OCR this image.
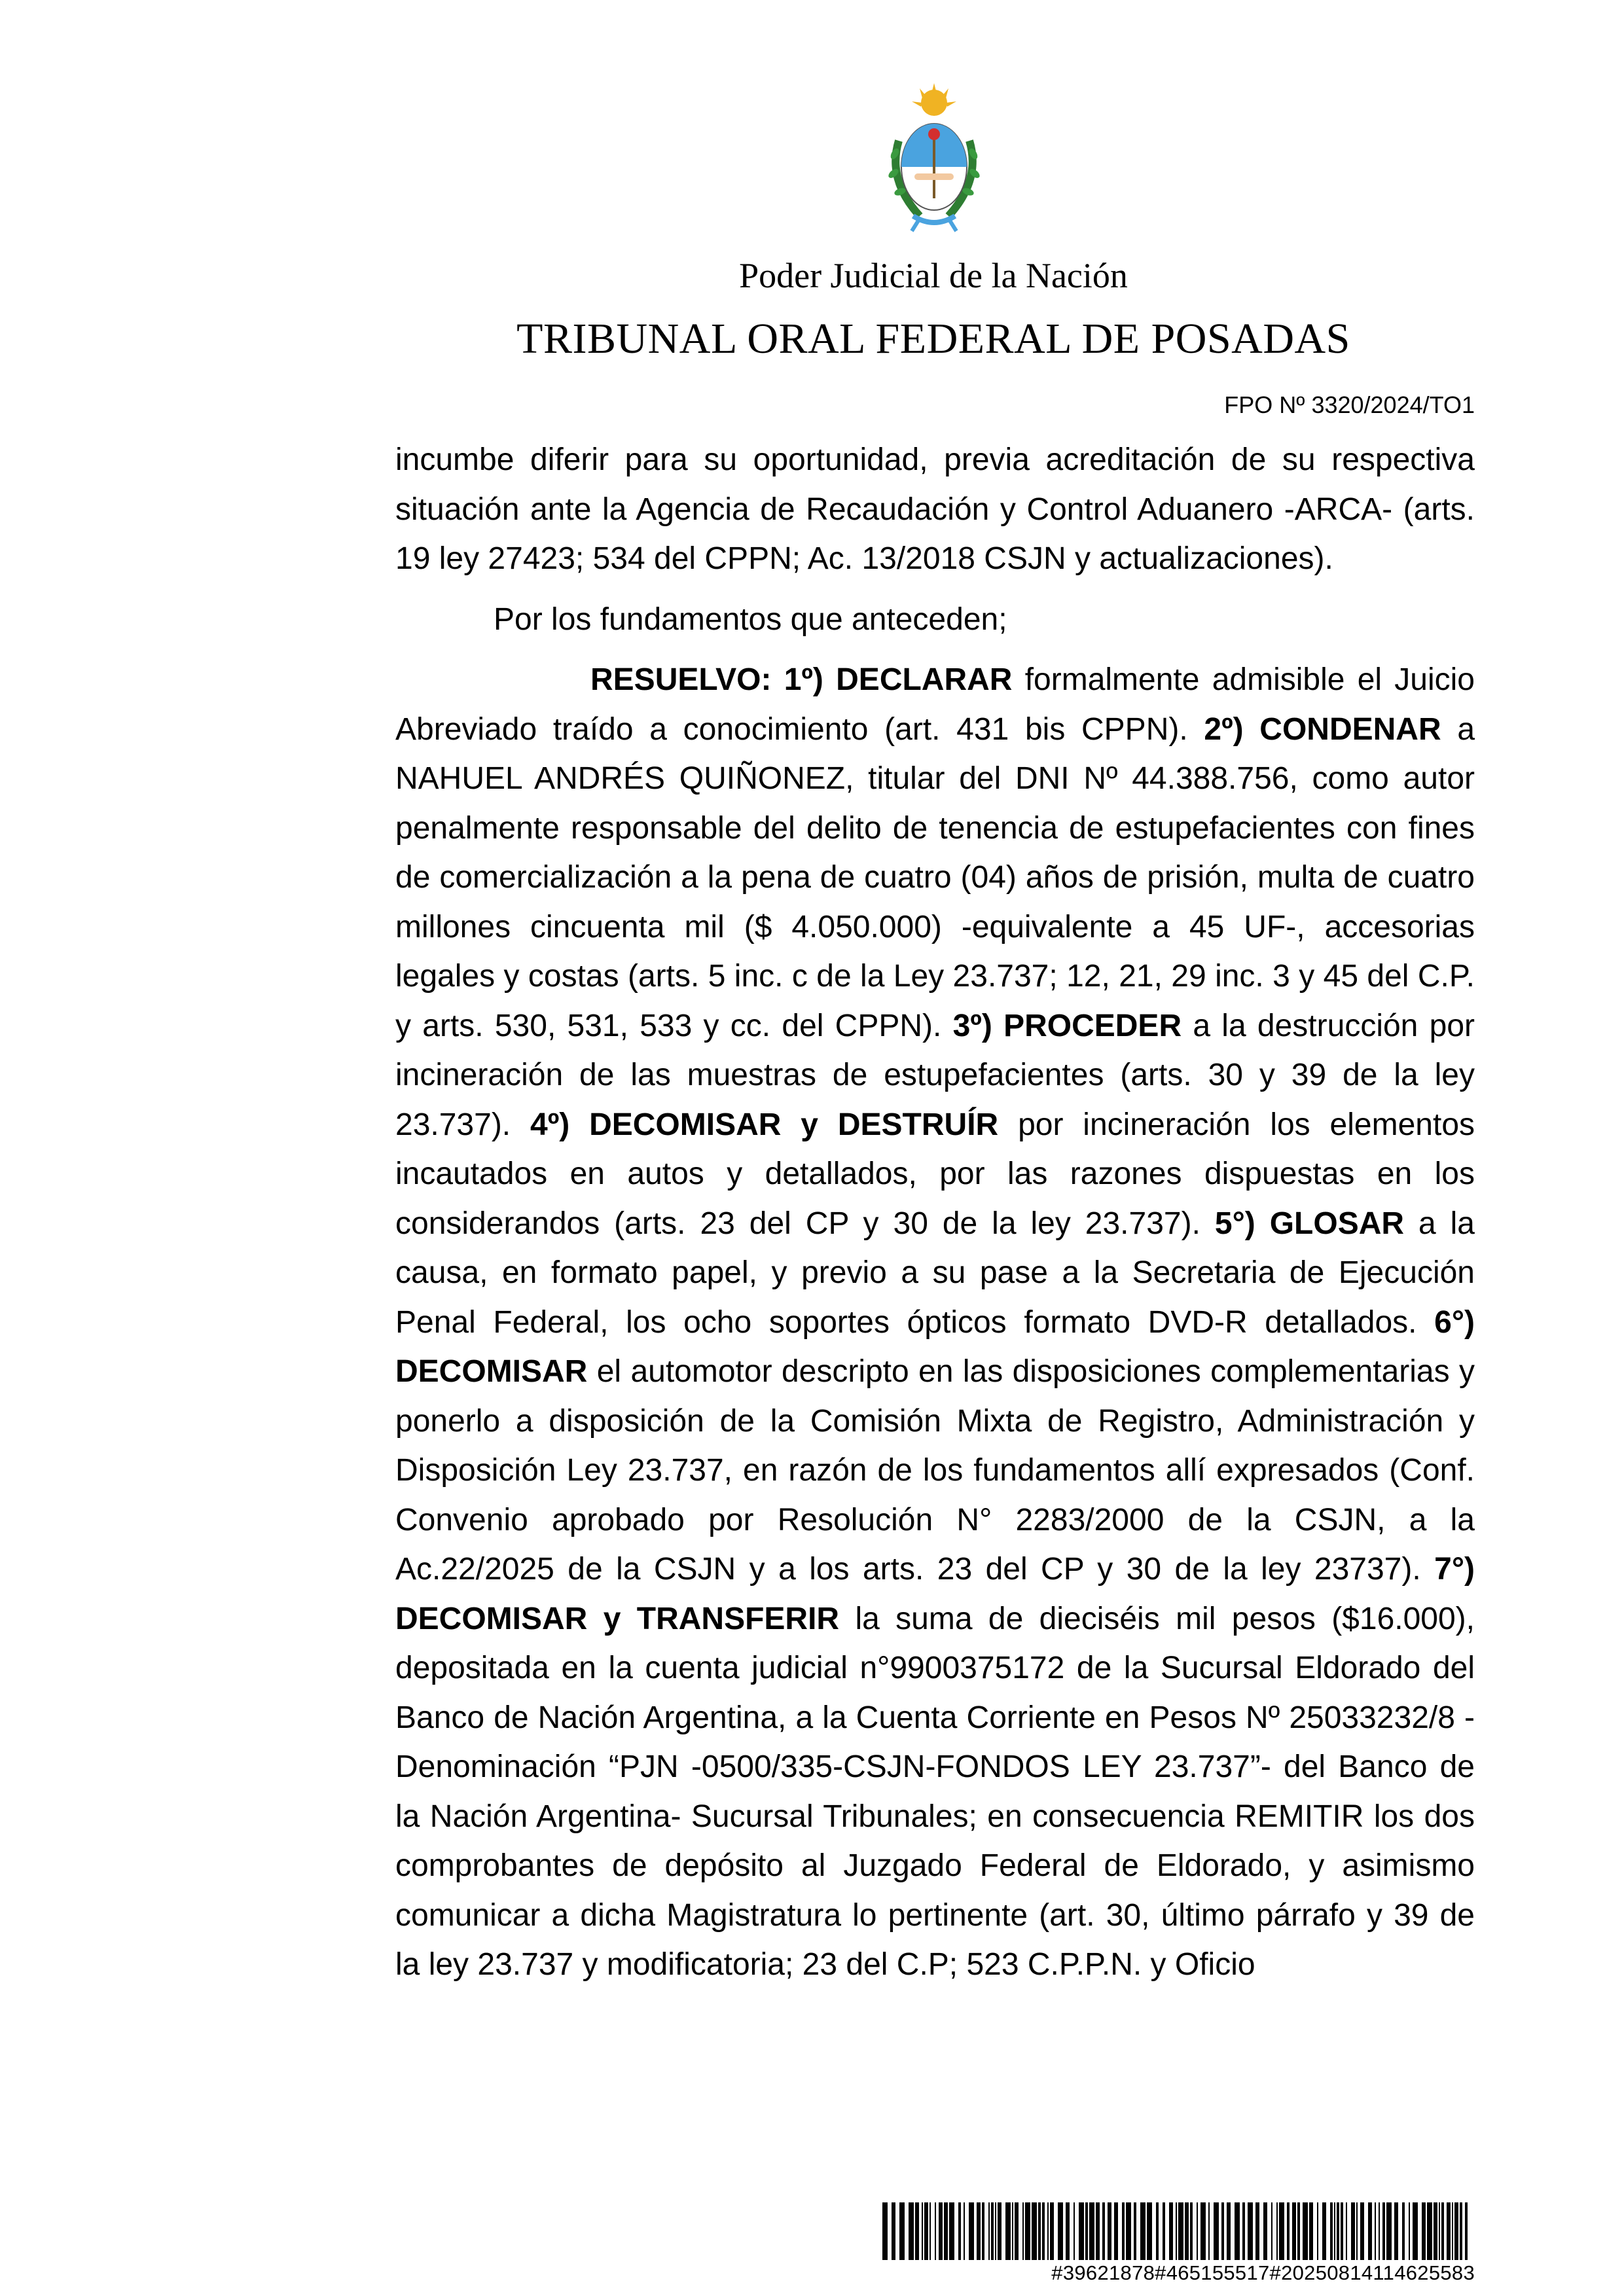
Poder Judicial de la Nación
TRIBUNAL ORAL FEDERAL DE POSADAS
FPO Nº 3320/2024/TO1

incumbe diferir para su oportunidad, previa acreditación de su respectiva situación ante la Agencia de Recaudación y Control Aduanero -ARCA- (arts. 19 ley 27423; 534 del CPPN; Ac. 13/2018 CSJN y actualizaciones).

Por los fundamentos que anteceden;

RESUELVO: 1º) DECLARAR formalmente admisible el Juicio Abreviado traído a conocimiento (art. 431 bis CPPN). 2º) CONDENAR a NAHUEL ANDRÉS QUIÑONEZ, titular del DNI Nº 44.388.756, como autor penalmente responsable del delito de tenencia de estupefacientes con fines de comercialización a la pena de cuatro (04) años de prisión, multa de cuatro millones cincuenta mil ($ 4.050.000) -equivalente a 45 UF-, accesorias legales y costas (arts. 5 inc. c de la Ley 23.737; 12, 21, 29 inc. 3 y 45 del C.P. y arts. 530, 531, 533 y cc. del CPPN). 3º) PROCEDER a la destrucción por incineración de las muestras de estupefacientes (arts. 30 y 39 de la ley 23.737). 4º) DECOMISAR y DESTRUÍR por incineración los elementos incautados en autos y detallados, por las razones dispuestas en los considerandos (arts. 23 del CP y 30 de la ley 23.737). 5°) GLOSAR a la causa, en formato papel, y previo a su pase a la Secretaria de Ejecución Penal Federal, los ocho soportes ópticos formato DVD-R detallados. 6°) DECOMISAR el automotor descripto en las disposiciones complementarias y ponerlo a disposición de la Comisión Mixta de Registro, Administración y Disposición Ley 23.737, en razón de los fundamentos allí expresados (Conf. Convenio aprobado por Resolución N° 2283/2000 de la CSJN, a la Ac.22/2025 de la CSJN y a los arts. 23 del CP y 30 de la ley 23737). 7°) DECOMISAR y TRANSFERIR la suma de dieciséis mil pesos ($16.000), depositada en la cuenta judicial n°9900375172 de la Sucursal Eldorado del Banco de Nación Argentina, a la Cuenta Corriente en Pesos Nº 25033232/8 -Denominación “PJN -0500/335-CSJN-FONDOS LEY 23.737”- del Banco de la Nación Argentina- Sucursal Tribunales; en consecuencia REMITIR los dos comprobantes de depósito al Juzgado Federal de Eldorado, y asimismo comunicar a dicha Magistratura lo pertinente (art. 30, último párrafo y 39 de la ley 23.737 y modificatoria; 23 del C.P; 523 C.P.P.N. y Oficio

#39621878#465155517#20250814114625583
